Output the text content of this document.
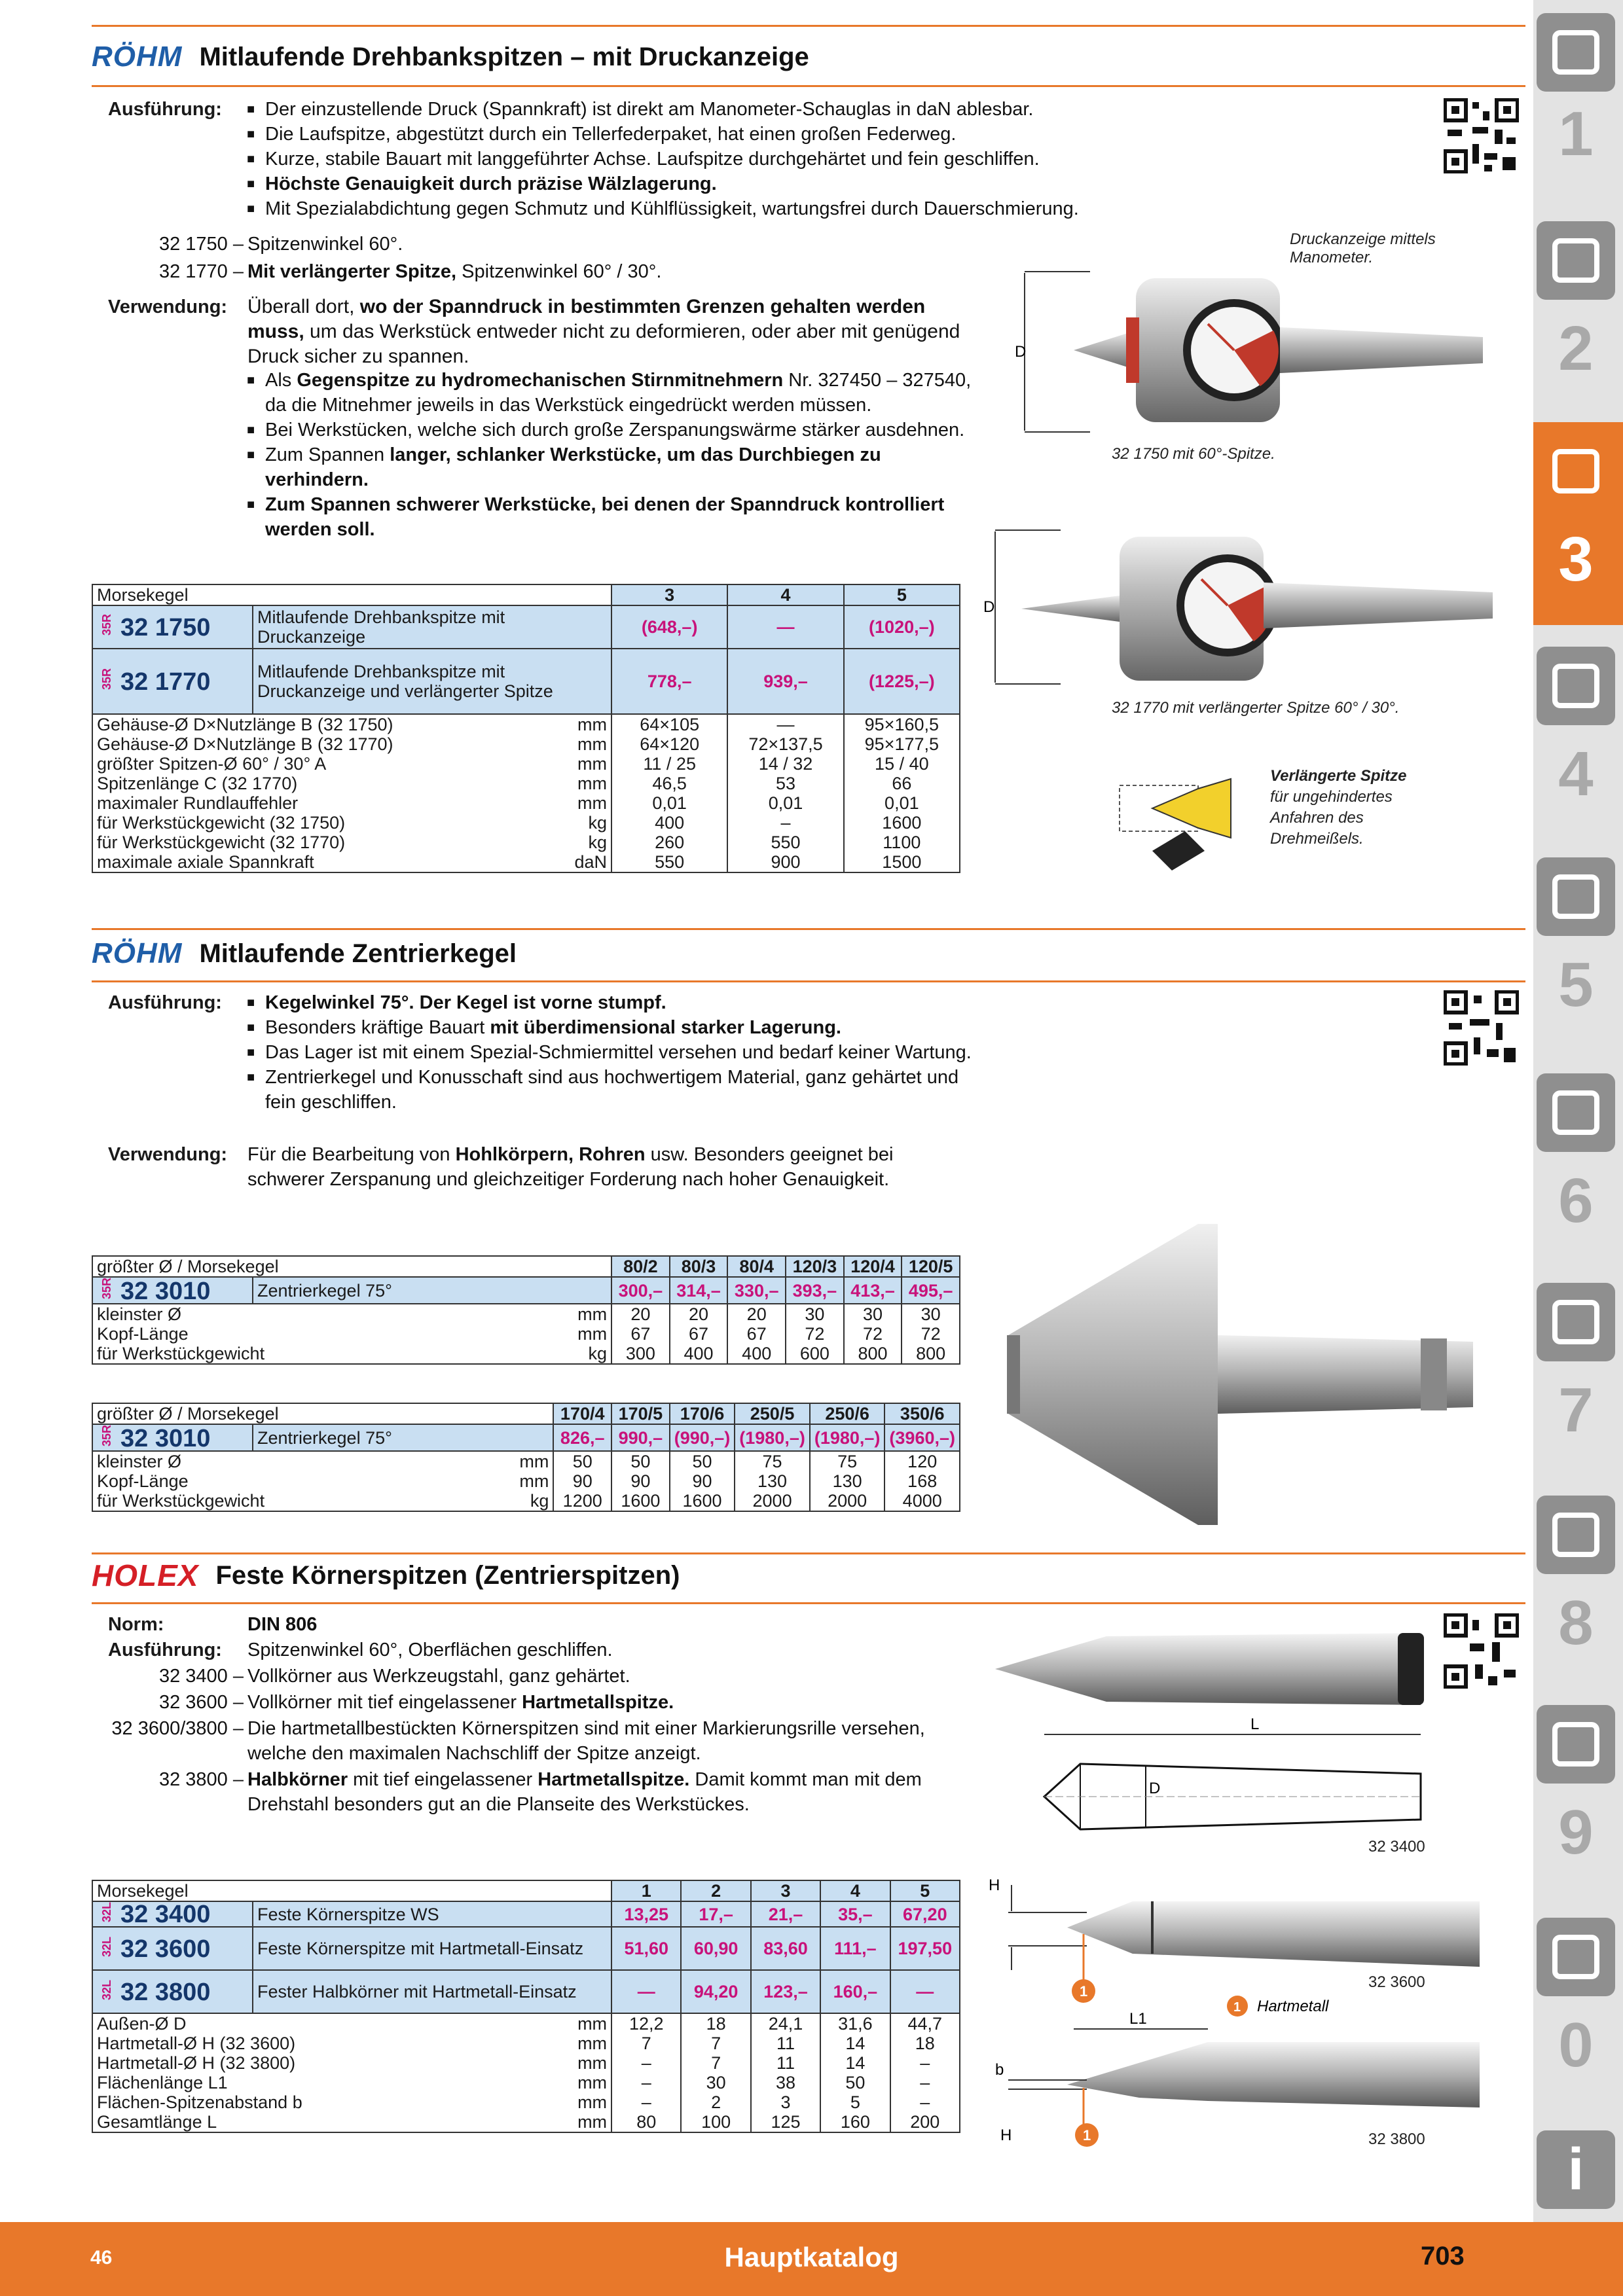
RÖHM Mitlaufende Drehbankspitzen – mit Druckanzeige
Ausführung: ■ Der einzustellende Druck (Spannkraft) ist direkt am Manometer-Schauglas in daN ablesbar.
■ Die Laufspitze, abgestützt durch ein Tellerfederpaket, hat einen großen Federweg.
■ Kurze, stabile Bauart mit langgeführter Achse. Laufspitze durchgehärtet und fein geschliffen.
■ Höchste Genauigkeit durch präzise Wälzlagerung.
■ Mit Spezialabdichtung gegen Schmutz und Kühlflüssigkeit, wartungsfrei durch Dauerschmierung.
32 1750 – Spitzenwinkel 60°.
32 1770 – Mit verlängerter Spitze, Spitzenwinkel 60° / 30°.
Verwendung: Überall dort, wo der Spanndruck in bestimmten Grenzen gehalten werden muss, um das Werkstück entweder nicht zu deformieren, oder aber mit genügend Druck sicher zu spannen.
■ Als Gegenspitze zu hydromechanischen Stirnmitnehmern Nr. 327450 – 327540, da die Mitnehmer jeweils in das Werkstück eingedrückt werden müssen.
■ Bei Werkstücken, welche sich durch große Zerspanungswärme stärker ausdehnen.
■ Zum Spannen langer, schlanker Werkstücke, um das Durchbiegen zu verhindern.
■ Zum Spannen schwerer Werkstücke, bei denen der Spanndruck kontrolliert werden soll.
Druckanzeige mittels Manometer.
D
32 1750 mit 60°-Spitze.
D
32 1770 mit verlängerter Spitze 60° / 30°.
Verlängerte Spitze
für ungehindertes Anfahren des Drehmeißels.
Morsekegel			3	4	5
35R 32 1750	Mitlaufende Drehbankspitze mit Druckanzeige		(648,–)	—	(1020,–)
35R 32 1770	Mitlaufende Drehbankspitze mit Druckanzeige und verlängerter Spitze		778,–	939,–	(1225,–)
Gehäuse-Ø D×Nutzlänge B (32 1750)		mm	64×105	—	95×160,5
Gehäuse-Ø D×Nutzlänge B (32 1770)		mm	64×120	72×137,5	95×177,5
größter Spitzen-Ø 60° / 30° A		mm	11 / 25	14 / 32	15 / 40
Spitzenlänge C (32 1770)		mm	46,5	53	66
maximaler Rundlauffehler		mm	0,01	0,01	0,01
für Werkstückgewicht (32 1750)		kg	400	–	1600
für Werkstückgewicht (32 1770)		kg	260	550	1100
maximale axiale Spannkraft		daN	550	900	1500
RÖHM Mitlaufende Zentrierkegel
Ausführung: ■ Kegelwinkel 75°. Der Kegel ist vorne stumpf.
■ Besonders kräftige Bauart mit überdimensional starker Lagerung.
■ Das Lager ist mit einem Spezial-Schmiermittel versehen und bedarf keiner Wartung.
■ Zentrierkegel und Konusschaft sind aus hochwertigem Material, ganz gehärtet und fein geschliffen.
Verwendung: Für die Bearbeitung von Hohlkörpern, Rohren usw. Besonders geeignet bei schwerer Zerspanung und gleichzeitiger Forderung nach hoher Genauigkeit.
größter Ø / Morsekegel			80/2	80/3	80/4	120/3	120/4	120/5
35R 32 3010	Zentrierkegel 75°		300,–	314,–	330,–	393,–	413,–	495,–
kleinster Ø		mm	20	20	20	30	30	30
Kopf-Länge		mm	67	67	67	72	72	72
für Werkstückgewicht		kg	300	400	400	600	800	800
größter Ø / Morsekegel			170/4	170/5	170/6	250/5	250/6	350/6
35R 32 3010	Zentrierkegel 75°		826,–	990,–	(990,–)	(1980,–)	(1980,–)	(3960,–)
kleinster Ø		mm	50	50	50	75	75	120
Kopf-Länge		mm	90	90	90	130	130	168
für Werkstückgewicht		kg	1200	1600	1600	2000	2000	4000
HOLEX Feste Körnerspitzen (Zentrierspitzen)
Norm:	DIN 806
Ausführung: Spitzenwinkel 60°, Oberflächen geschliffen.
32 3400 – Vollkörner aus Werkzeugstahl, ganz gehärtet.
32 3600 – Vollkörner mit tief eingelassener Hartmetallspitze.
32 3600/3800 – Die hartmetallbestückten Körnerspitzen sind mit einer Markierungsrille versehen, welche den maximalen Nachschliff der Spitze anzeigt.
32 3800 – Halbkörner mit tief eingelassener Hartmetallspitze. Damit kommt man mit dem Drehstahl besonders gut an die Planseite des Werkstückes.
L
D
32 3400
H
1
1 Hartmetall
L1
b
H	1
32 3600
32 3800
Morsekegel			1	2	3	4	5
32L 32 3400	Feste Körnerspitze WS		13,25	17,–	21,–	35,–	67,20
32L 32 3600	Feste Körnerspitze mit Hartmetall-Einsatz		51,60	60,90	83,60	111,–	197,50
32L 32 3800	Fester Halbkörner mit Hartmetall-Einsatz		—	94,20	123,–	160,–	—
Außen-Ø D		mm	12,2	18	24,1	31,6	44,7
Hartmetall-Ø H (32 3600)		mm	7	7	11	14	18
Hartmetall-Ø H (32 3800)		mm	–	7	11	14	–
Flächenlänge L1		mm	–	30	38	50	–
Flächen-Spitzenabstand b		mm	–	2	3	5	–
Gesamtlänge L		mm	80	100	125	160	200
1
2
3
4
5
6
7
8
9
0
i
46	Hauptkatalog	703
